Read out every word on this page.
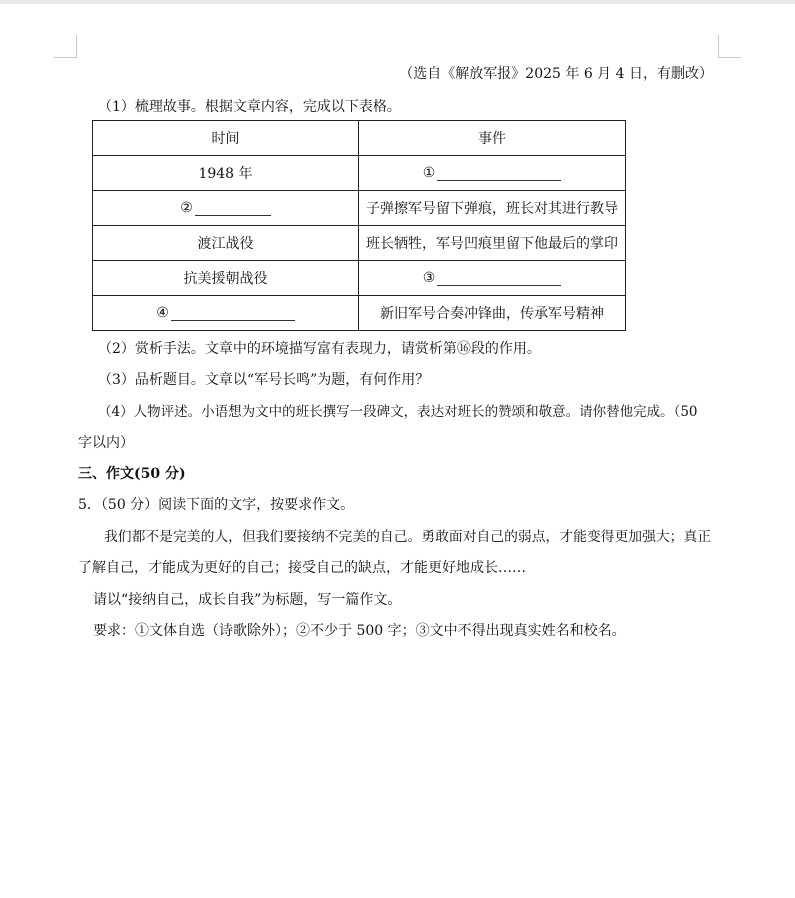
（选自《解放军报》2025 年 6 月 4 日，有删改）
（1）梳理故事。根据文章内容，完成以下表格。
时间	事件
1948 年	①
②	子弹擦军号留下弹痕，班长对其进行教导
渡江战役	班长牺牲，军号凹痕里留下他最后的掌印
抗美援朝战役	③
④	新旧军号合奏冲锋曲，传承军号精神
（2）赏析手法。文章中的环境描写富有表现力，请赏析第⑯段的作用。
（3）品析题目。文章以“军号长鸣”为题，有何作用？
（4）人物评述。小语想为文中的班长撰写一段碑文，表达对班长的赞颂和敬意。请你替他完成。（50
字以内）
三、作文(50 分)
5．（50 分）阅读下面的文字，按要求作文。
我们都不是完美的人，但我们要接纳不完美的自己。勇敢面对自己的弱点，才能变得更加强大；真正
了解自己，才能成为更好的自己；接受自己的缺点，才能更好地成长……
请以“接纳自己，成长自我”为标题，写一篇作文。
要求：①文体自选（诗歌除外）；②不少于 500 字；③文中不得出现真实姓名和校名。
